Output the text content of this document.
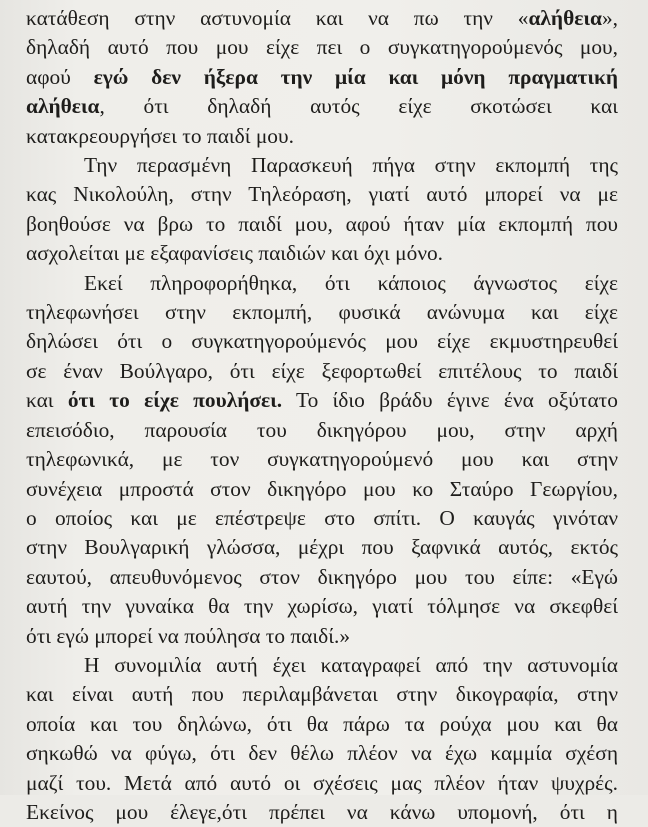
κατάθεση στην αστυνομία και να πω την «αλήθεια»,
δηλαδή αυτό που μου είχε πει ο συγκατηγορούμενός μου,
αφού εγώ δεν ήξερα την μία και μόνη πραγματική
αλήθεια, ότι δηλαδή αυτός είχε σκοτώσει και
κατακρεουργήσει το παιδί μου.

Την περασμένη Παρασκευή πήγα στην εκπομπή της
κας Νικολούλη, στην Τηλεόραση, γιατί αυτό μπορεί να με
βοηθούσε να βρω το παιδί μου, αφού ήταν μία εκπομπή που
ασχολείται με εξαφανίσεις παιδιών και όχι μόνο.

Εκεί πληροφορήθηκα, ότι κάποιος άγνωστος είχε
τηλεφωνήσει στην εκπομπή, φυσικά ανώνυμα και είχε
δηλώσει ότι ο συγκατηγορούμενός μου είχε εκμυστηρευθεί
σε έναν Βούλγαρο, ότι είχε ξεφορτωθεί επιτέλους το παιδί
και ότι το είχε πουλήσει. Το ίδιο βράδυ έγινε ένα οξύτατο
επεισόδιο, παρουσία του δικηγόρου μου, στην αρχή
τηλεφωνικά, με τον συγκατηγορούμενό μου και στην
συνέχεια μπροστά στον δικηγόρο μου κο Σταύρο Γεωργίου,
ο οποίος και με επέστρεψε στο σπίτι. Ο καυγάς γινόταν
στην Βουλγαρική γλώσσα, μέχρι που ξαφνικά αυτός, εκτός
εαυτού, απευθυνόμενος στον δικηγόρο μου του είπε: «Εγώ
αυτή την γυναίκα θα την χωρίσω, γιατί τόλμησε να σκεφθεί
ότι εγώ μπορεί να πούλησα το παιδί.»

Η συνομιλία αυτή έχει καταγραφεί από την αστυνομία
και είναι αυτή που περιλαμβάνεται στην δικογραφία, στην
οποία και του δηλώνω, ότι θα πάρω τα ρούχα μου και θα
σηκωθώ να φύγω, ότι δεν θέλω πλέον να έχω καμμία σχέση
μαζί του. Μετά από αυτό οι σχέσεις μας πλέον ήταν ψυχρές.
Εκείνος μου έλεγε,ότι πρέπει να κάνω υπομονή, ότι η
